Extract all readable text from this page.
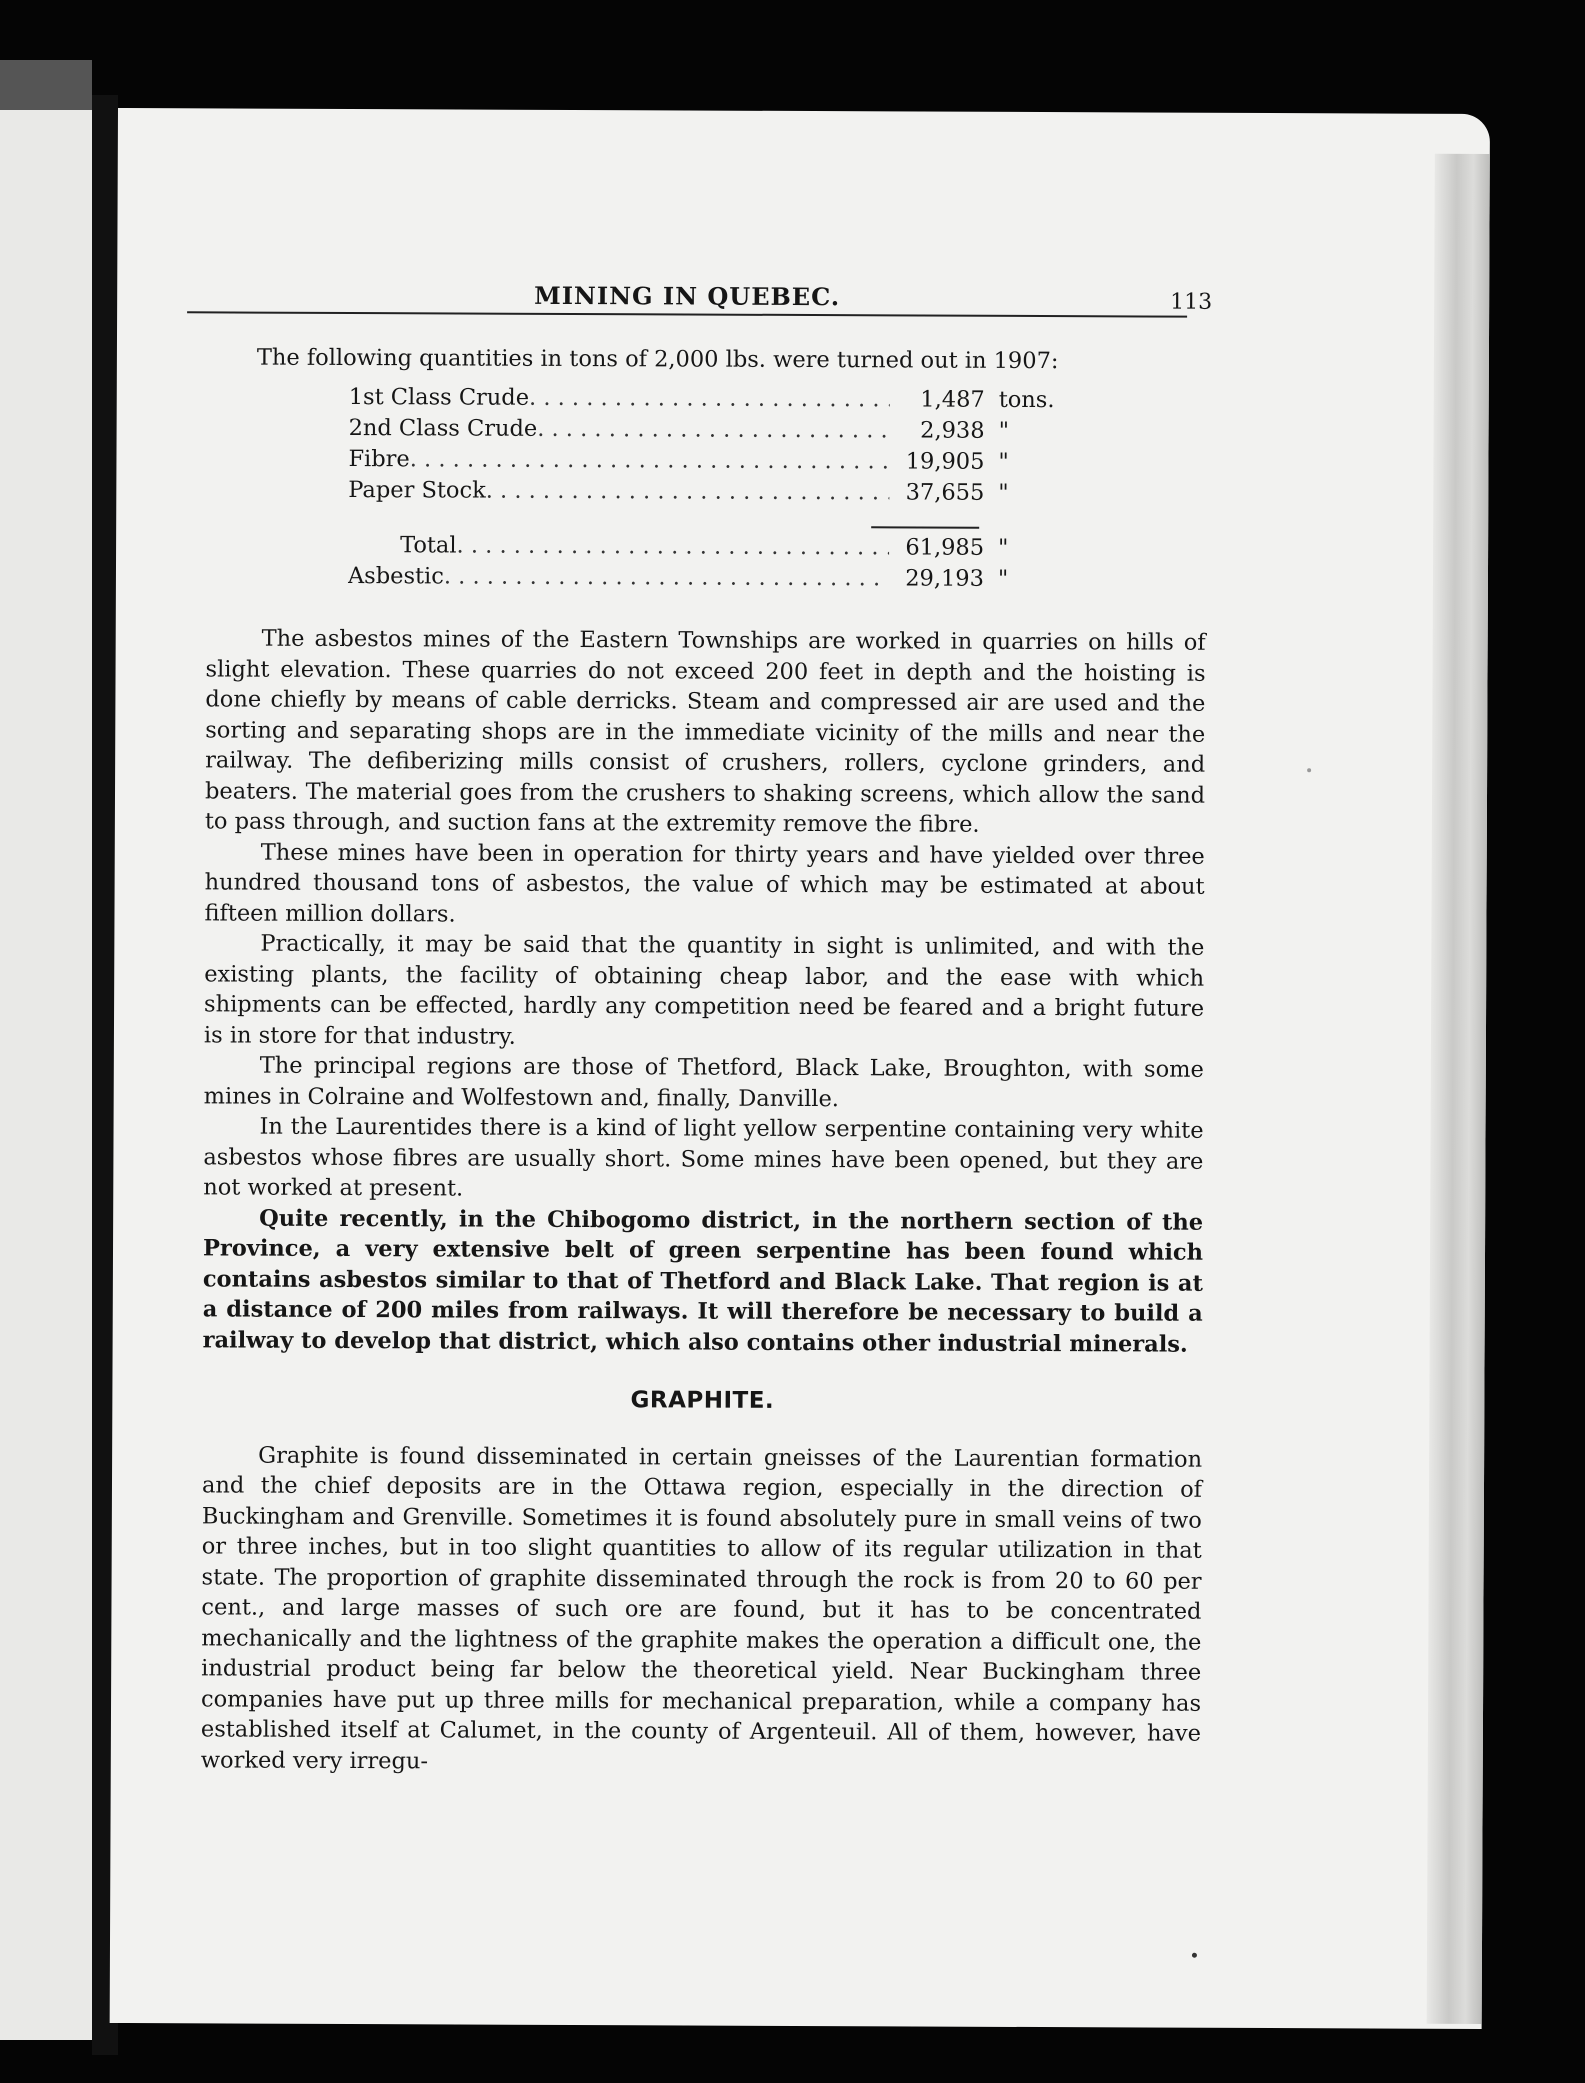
MINING IN QUEBEC.	113
The following quantities in tons of 2,000 lbs. were turned out in 1907:
1st Class Crude . . .	1,487 tons.
2nd Class Crude . . .	2,938 "
Fibre . . .	19,905 "
Paper Stock . . .	37,655 "
Total . . .	61,985 "
Asbestic . . .	29,193 "

The asbestos mines of the Eastern Townships are worked in quarries on hills of slight elevation. These quarries do not exceed 200 feet in depth and the hoisting is done chiefly by means of cable derricks. Steam and compressed air are used and the sorting and separating shops are in the immediate vicinity of the mills and near the railway. The defiberizing mills consist of crushers, rollers, cyclone grinders, and beaters. The material goes from the crushers to shaking screens, which allow the sand to pass through, and suction fans at the extremity remove the fibre.

These mines have been in operation for thirty years and have yielded over three hundred thousand tons of asbestos, the value of which may be estimated at about fifteen million dollars.

Practically, it may be said that the quantity in sight is unlimited, and with the existing plants, the facility of obtaining cheap labor, and the ease with which shipments can be effected, hardly any competition need be feared and a bright future is in store for that industry.

The principal regions are those of Thetford, Black Lake, Broughton, with some mines in Colraine and Wolfestown and, finally, Danville.

In the Laurentides there is a kind of light yellow serpentine containing very white asbestos whose fibres are usually short. Some mines have been opened, but they are not worked at present.

Quite recently, in the Chibogomo district, in the northern section of the Province, a very extensive belt of green serpentine has been found which contains asbestos similar to that of Thetford and Black Lake. That region is at a distance of 200 miles from railways. It will therefore be necessary to build a railway to develop that district, which also contains other industrial minerals.

GRAPHITE.

Graphite is found disseminated in certain gneisses of the Laurentian formation and the chief deposits are in the Ottawa region, especially in the direction of Buckingham and Grenville. Sometimes it is found absolutely pure in small veins of two or three inches, but in too slight quantities to allow of its regular utilization in that state. The proportion of graphite disseminated through the rock is from 20 to 60 per cent., and large masses of such ore are found, but it has to be concentrated mechanically and the lightness of the graphite makes the operation a difficult one, the industrial product being far below the theoretical yield. Near Buckingham three companies have put up three mills for mechanical preparation, while a company has established itself at Calumet, in the county of Argenteuil. All of them, however, have worked very irregu-
